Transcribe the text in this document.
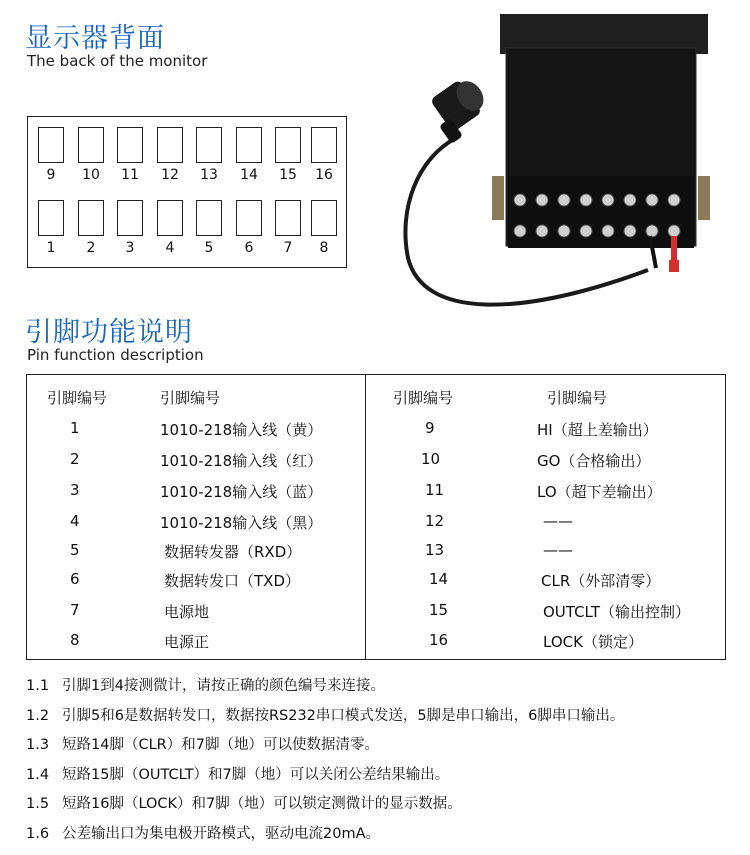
显示器背面
The back of the monitor
9	10	11	12	13	14	15	16
1	2	3	4	5	6	7	8
引脚功能说明
Pin function description
引脚编号	引脚编号	引脚编号	引脚编号
1	1010-218输入线（黄）
2	1010-218输入线（红）
3	1010-218输入线（蓝）
4	1010-218输入线（黑）
5	数据转发器（RXD）
6	数据转发口（TXD）
7	电源地
8	电源正
9	HI（超上差输出）
10	GO（合格输出）
11	LO（超下差输出）
12	——
13	——
14	CLR（外部清零）
15	OUTCLT（输出控制）
16	LOCK（锁定）
1.1 引脚1到4接测微计，请按正确的颜色编号来连接。
1.2 引脚5和6是数据转发口，数据按RS232串口模式发送，5脚是串口输出，6脚串口输出。
1.3 短路14脚（CLR）和7脚（地）可以使数据清零。
1.4 短路15脚（OUTCLT）和7脚（地）可以关闭公差结果输出。
1.5 短路16脚（LOCK）和7脚（地）可以锁定测微计的显示数据。
1.6 公差输出口为集电极开路模式，驱动电流20mA。
